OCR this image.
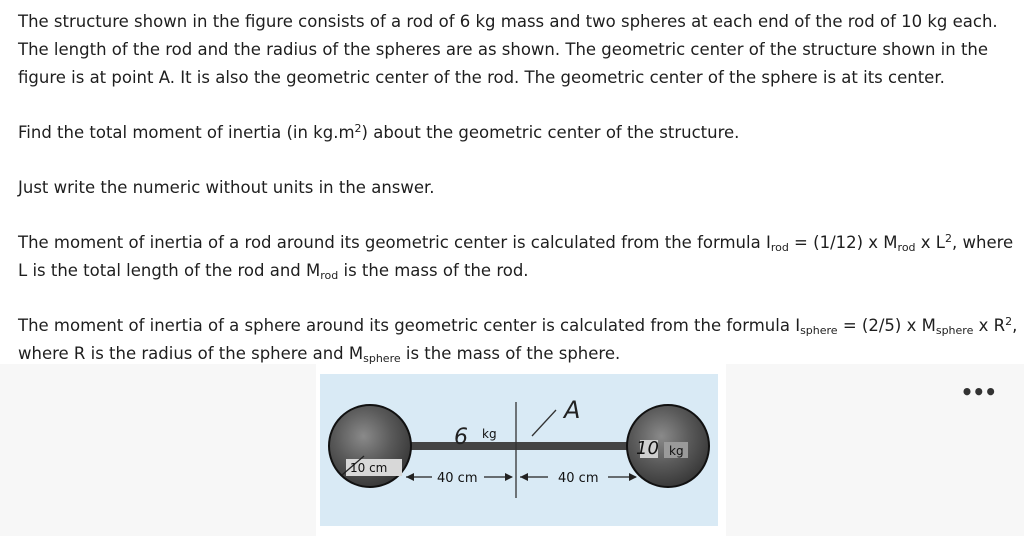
The structure shown in the figure consists of a rod of 6 kg mass and two spheres at each end of the rod of 10 kg each. The length of the rod and the radius of the spheres are as shown. The geometric center of the structure shown in the figure is at point A. It is also the geometric center of the rod. The geometric center of the sphere is at its center.

Find the total moment of inertia (in $kg.m^2$) about the geometric center of the structure.

Just write the numeric without units in the answer.

The moment of inertia of a rod around its geometric center is calculated from the formula $I_{rod} = (1/12)$ x $M_{rod}$ x $L^2$, where L is the total length of the rod and $M_{rod}$ is the mass of the rod.

The moment of inertia of a sphere around its geometric center is calculated from the formula $I_{sphere} = (2/5)$ x $M_{sphere}$ x $R^2$, where R is the radius of the sphere and $M_{sphere}$ is the mass of the sphere.

•••
10 cm
A
6 kg
10 kg
40 cm	40 cm
